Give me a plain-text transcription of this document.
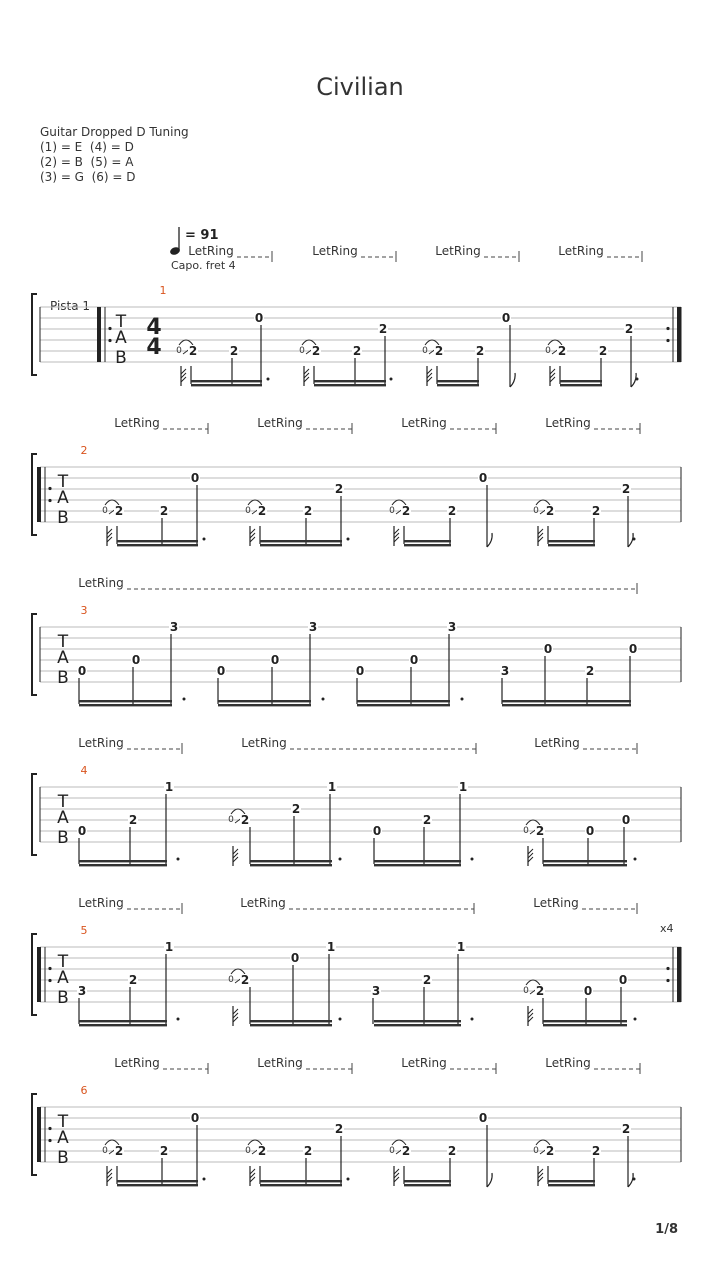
Civilian
Guitar Dropped D Tuning
(1) = E  (4) = D
(2) = B  (5) = A
(3) = G  (6) = D
= 91
Capo. fret 4
Pista 1
x4
T
A
B
1
4
4
LetRing	LetRing	LetRing	LetRing
T
A
B
2
LetRing	LetRing	LetRing	LetRing
T
A
B
3
LetRing
T
A
B
4
LetRing	LetRing	LetRing
T
A
B
5
LetRing	LetRing	LetRing
T
A
B
6
LetRing	LetRing	LetRing	LetRing
0 2	2
0
0 2	2
2
0 2	2
0
0 2	2
2
0 2	2
0
0 2	2
2
0 2	2
0
0 2	2
2
0
0
3
0
0
3
0
0
3
3
0
2
0
0
2
1
0 2
2
1
0
2
1
0 2	0
0
3
2
1
0 2
0
1
3
2
1
0 2	0
0
0 2	2
0
0 2	2
2
0 2	2
0
0 2	2
2
1/8
